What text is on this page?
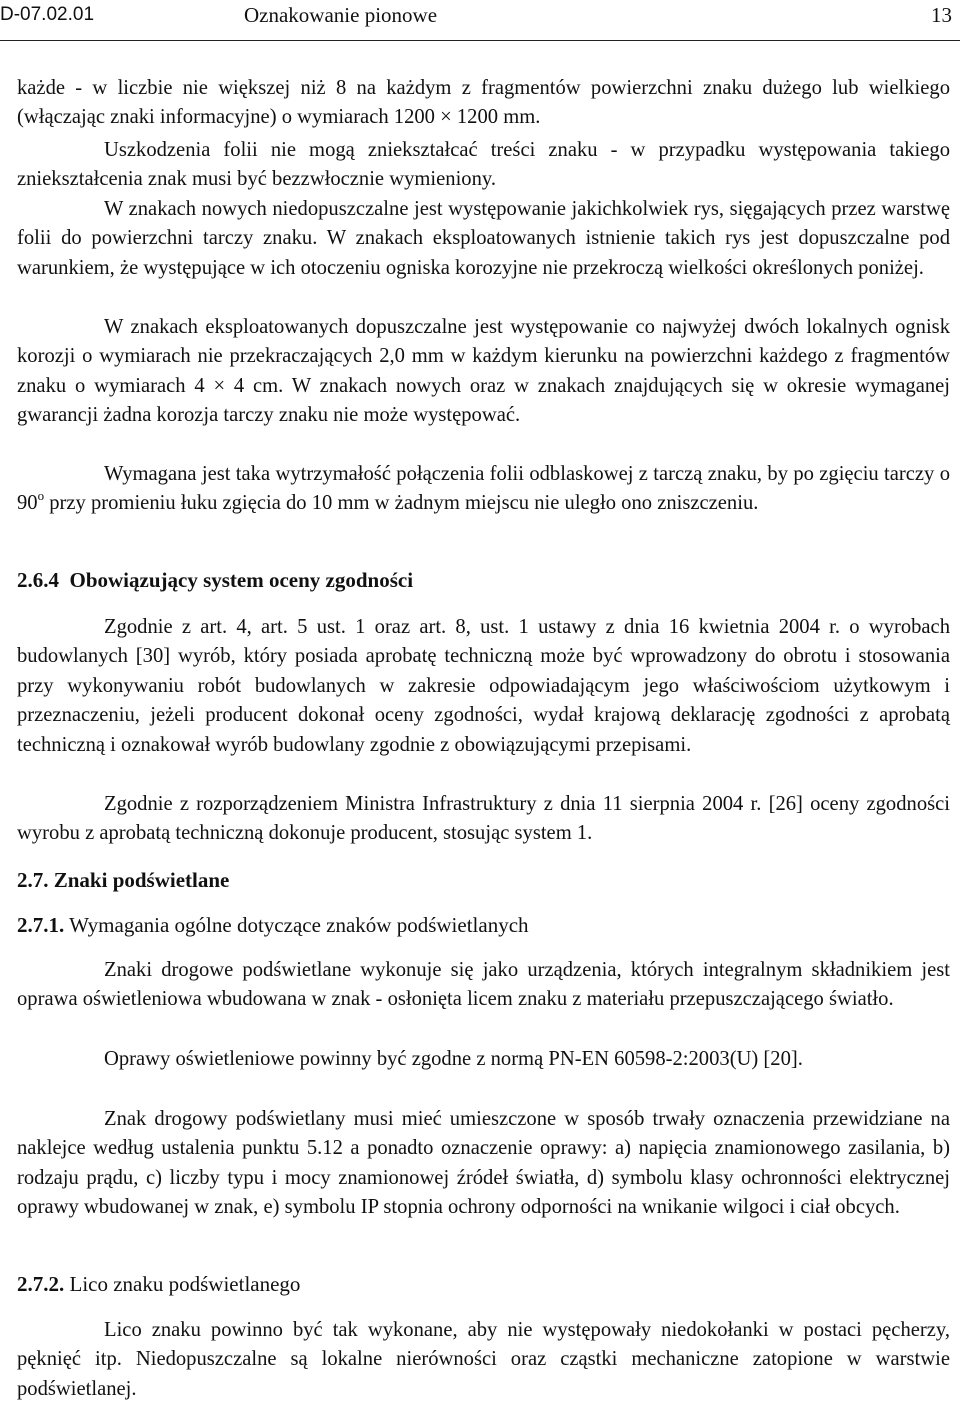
D-07.02.01	Oznakowanie pionowe	13

każde - w liczbie nie większej niż 8 na każdym z fragmentów powierzchni znaku dużego lub wielkiego (włączając znaki informacyjne) o wymiarach 1200 × 1200 mm.

Uszkodzenia folii nie mogą zniekształcać treści znaku - w przypadku występowania takiego zniekształcenia znak musi być bezzwłocznie wymieniony.

W znakach nowych niedopuszczalne jest występowanie jakichkolwiek rys, sięgających przez warstwę folii do powierzchni tarczy znaku. W znakach eksploatowanych istnienie takich rys jest dopuszczalne pod warunkiem, że występujące w ich otoczeniu ogniska korozyjne nie przekroczą wielkości określonych poniżej.

W znakach eksploatowanych dopuszczalne jest występowanie co najwyżej dwóch lokalnych ognisk korozji o wymiarach nie przekraczających 2,0 mm w każdym kierunku na powierzchni każdego z fragmentów znaku o wymiarach 4 × 4 cm. W znakach nowych oraz w znakach znajdujących się w okresie wymaganej gwarancji żadna korozja tarczy znaku nie może występować.

Wymagana jest taka wytrzymałość połączenia folii odblaskowej z tarczą znaku, by po zgięciu tarczy o 90$^o$ przy promieniu łuku zgięcia do 10 mm w żadnym miejscu nie uległo ono zniszczeniu.

2.6.4  Obowiązujący system oceny zgodności

Zgodnie z art. 4, art. 5 ust. 1 oraz art. 8, ust. 1 ustawy z dnia 16 kwietnia 2004 r. o wyrobach budowlanych [30] wyrób, który posiada aprobatę techniczną może być wprowadzony do obrotu i stosowania przy wykonywaniu robót budowlanych w zakresie odpowiadającym jego właściwościom użytkowym i przeznaczeniu, jeżeli producent dokonał oceny zgodności, wydał krajową deklarację zgodności z aprobatą techniczną i oznakował wyrób budowlany zgodnie z obowiązującymi przepisami.

Zgodnie z rozporządzeniem Ministra Infrastruktury z dnia 11 sierpnia 2004 r. [26] oceny zgodności wyrobu z aprobatą techniczną dokonuje producent, stosując system 1.

2.7. Znaki podświetlane

2.7.1. Wymagania ogólne dotyczące znaków podświetlanych

Znaki drogowe podświetlane wykonuje się jako urządzenia, których integralnym składnikiem jest oprawa oświetleniowa wbudowana w znak - osłonięta licem znaku z materiału przepuszczającego światło.

Oprawy oświetleniowe powinny być zgodne z normą PN-EN 60598-2:2003(U) [20].

Znak drogowy podświetlany musi mieć umieszczone w sposób trwały oznaczenia przewidziane na naklejce według ustalenia punktu 5.12 a ponadto oznaczenie oprawy: a) napięcia znamionowego zasilania, b) rodzaju prądu, c) liczby typu i mocy znamionowej źródeł światła, d) symbolu klasy ochronności elektrycznej oprawy wbudowanej w znak, e) symbolu IP stopnia ochrony odporności na wnikanie wilgoci i ciał obcych.

2.7.2. Lico znaku podświetlanego

Lico znaku powinno być tak wykonane, aby nie występowały niedokołanki w postaci pęcherzy, pęknięć itp. Niedopuszczalne są lokalne nierówności oraz cząstki mechaniczne zatopione w warstwie podświetlanej.
